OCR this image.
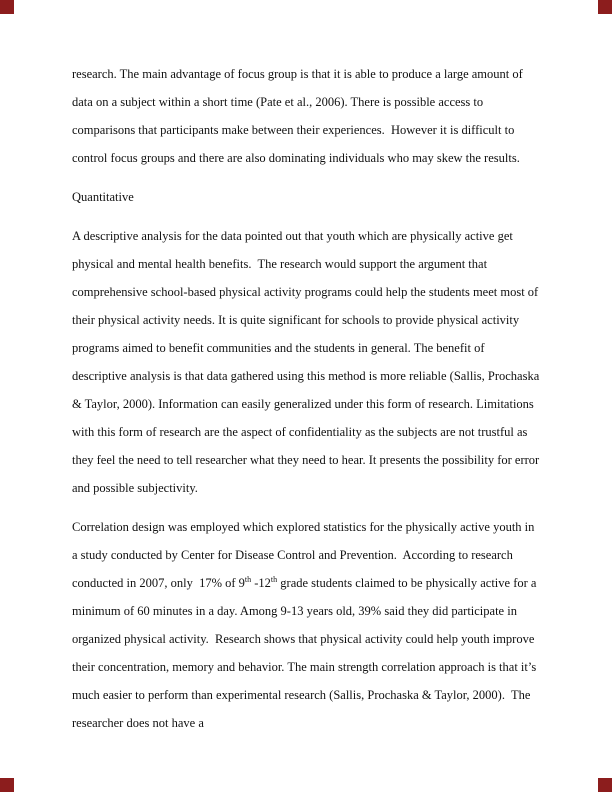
research. The main advantage of focus group is that it is able to produce a large amount of data on a subject within a short time (Pate et al., 2006). There is possible access to comparisons that participants make between their experiences.  However it is difficult to control focus groups and there are also dominating individuals who may skew the results.

Quantitative

A descriptive analysis for the data pointed out that youth which are physically active get physical and mental health benefits.  The research would support the argument that comprehensive school-based physical activity programs could help the students meet most of their physical activity needs. It is quite significant for schools to provide physical activity programs aimed to benefit communities and the students in general. The benefit of descriptive analysis is that data gathered using this method is more reliable (Sallis, Prochaska & Taylor, 2000). Information can easily generalized under this form of research. Limitations with this form of research are the aspect of confidentiality as the subjects are not trustful as they feel the need to tell researcher what they need to hear. It presents the possibility for error and possible subjectivity.

Correlation design was employed which explored statistics for the physically active youth in a study conducted by Center for Disease Control and Prevention.  According to research conducted in 2007, only  17% of 9th -12th grade students claimed to be physically active for a minimum of 60 minutes in a day. Among 9-13 years old, 39% said they did participate in organized physical activity.  Research shows that physical activity could help youth improve their concentration, memory and behavior. The main strength correlation approach is that it’s much easier to perform than experimental research (Sallis, Prochaska & Taylor, 2000).  The researcher does not have a
